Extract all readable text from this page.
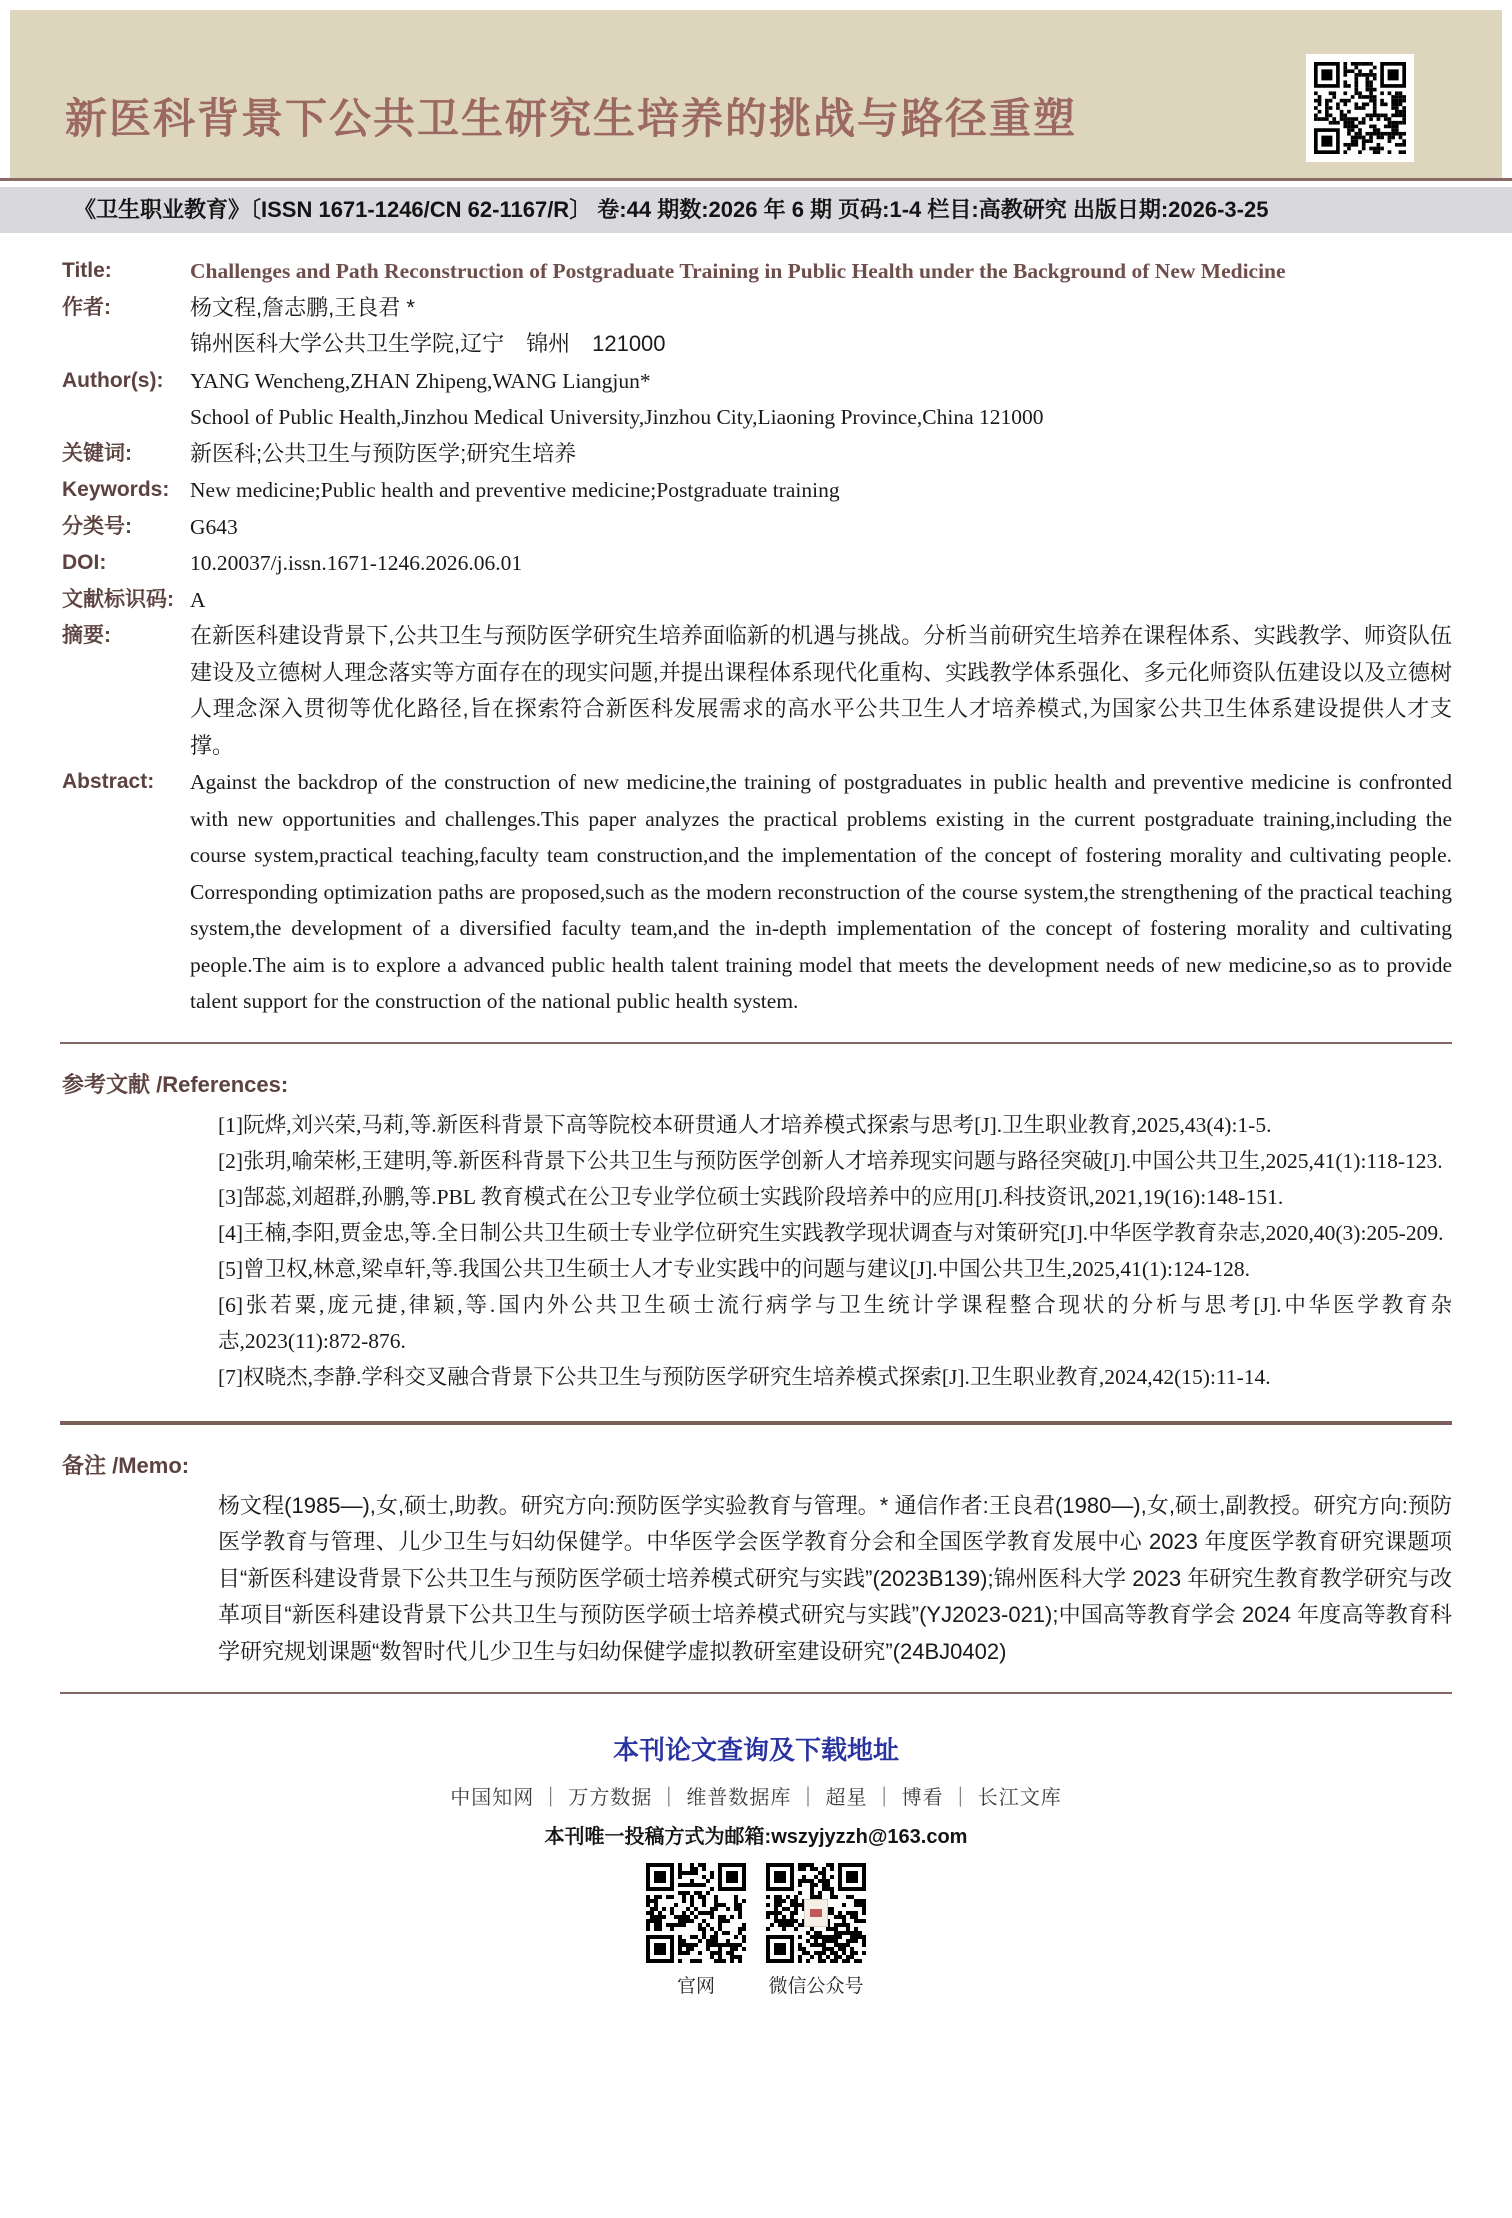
新医科背景下公共卫生研究生培养的挑战与路径重塑
《卫生职业教育》〔ISSN 1671-1246/CN 62-1167/R〕 卷:44 期数:2026 年 6 期 页码:1-4 栏目:高教研究 出版日期:2026-3-25
Title:	Challenges and Path Reconstruction of Postgraduate Training in Public Health under the Background of New Medicine
作者:	杨文程,詹志鹏,王良君 *

锦州医科大学公共卫生学院,辽宁　锦州　121000

Author(s):	YANG Wencheng,ZHAN Zhipeng,WANG Liangjun*

School of Public Health,Jinzhou Medical University,Jinzhou City,Liaoning Province,China 121000

关键词:	新医科;公共卫生与预防医学;研究生培养
Keywords: New medicine;Public health and preventive medicine;Postgraduate training
分类号:	G643
DOI:	10.20037/j.issn.1671-1246.2026.06.01
文献标识码: A
摘要:	在新医科建设背景下,公共卫生与预防医学研究生培养面临新的机遇与挑战。分析当前研究生培养在课程体系、实践教学、师资队伍建设及立德树人理念落实等方面存在的现实问题,并提出课程体系现代化重构、实践教学体系强化、多元化师资队伍建设以及立德树人理念深入贯彻等优化路径,旨在探索符合新医科发展需求的高水平公共卫生人才培养模式,为国家公共卫生体系建设提供人才支撑。
Abstract:	Against the backdrop of the construction of new medicine,the training of postgraduates in public health and preventive medicine is confronted with new opportunities and challenges.This paper analyzes the practical problems existing in the current postgraduate training,including the course system,practical teaching,faculty team construction,and the implementation of the concept of fostering morality and cultivating people. Corresponding optimization paths are proposed,such as the modern reconstruction of the course system,the strengthening of the practical teaching system,the development of a diversified faculty team,and the in-depth implementation of the concept of fostering morality and cultivating people.The aim is to explore a advanced public health talent training model that meets the development needs of new medicine,so as to provide talent support for the construction of the national public health system.
参考文献 /References:
[1]阮烨,刘兴荣,马莉,等.新医科背景下高等院校本研贯通人才培养模式探索与思考[J].卫生职业教育,2025,43(4):1-5.
[2]张玥,喻荣彬,王建明,等.新医科背景下公共卫生与预防医学创新人才培养现实问题与路径突破[J].中国公共卫生,2025,41(1):118-123.
[3]郜蕊,刘超群,孙鹏,等.PBL 教育模式在公卫专业学位硕士实践阶段培养中的应用[J].科技资讯,2021,19(16):148-151.
[4]王楠,李阳,贾金忠,等.全日制公共卫生硕士专业学位研究生实践教学现状调查与对策研究[J].中华医学教育杂志,2020,40(3):205-209.
[5]曾卫权,林意,梁卓轩,等.我国公共卫生硕士人才专业实践中的问题与建议[J].中国公共卫生,2025,41(1):124-128.
[6]张若粟,庞元捷,律颖,等.国内外公共卫生硕士流行病学与卫生统计学课程整合现状的分析与思考[J].中华医学教育杂志,2023(11):872-876.
[7]权晓杰,李静.学科交叉融合背景下公共卫生与预防医学研究生培养模式探索[J].卫生职业教育,2024,42(15):11-14.
备注 /Memo:
杨文程(1985—),女,硕士,助教。研究方向:预防医学实验教育与管理。* 通信作者:王良君(1980—),女,硕士,副教授。研究方向:预防医学教育与管理、儿少卫生与妇幼保健学。中华医学会医学教育分会和全国医学教育发展中心 2023 年度医学教育研究课题项目“新医科建设背景下公共卫生与预防医学硕士培养模式研究与实践”(2023B139);锦州医科大学 2023 年研究生教育教学研究与改革项目“新医科建设背景下公共卫生与预防医学硕士培养模式研究与实践”(YJ2023-021);中国高等教育学会 2024 年度高等教育科学研究规划课题“数智时代儿少卫生与妇幼保健学虚拟教研室建设研究”(24BJ0402)
本刊论文查询及下载地址
中国知网 ｜ 万方数据 ｜ 维普数据库 ｜ 超星 ｜ 博看 ｜ 长江文库
本刊唯一投稿方式为邮箱:wszyjyzzh@163.com
官网	微信公众号
